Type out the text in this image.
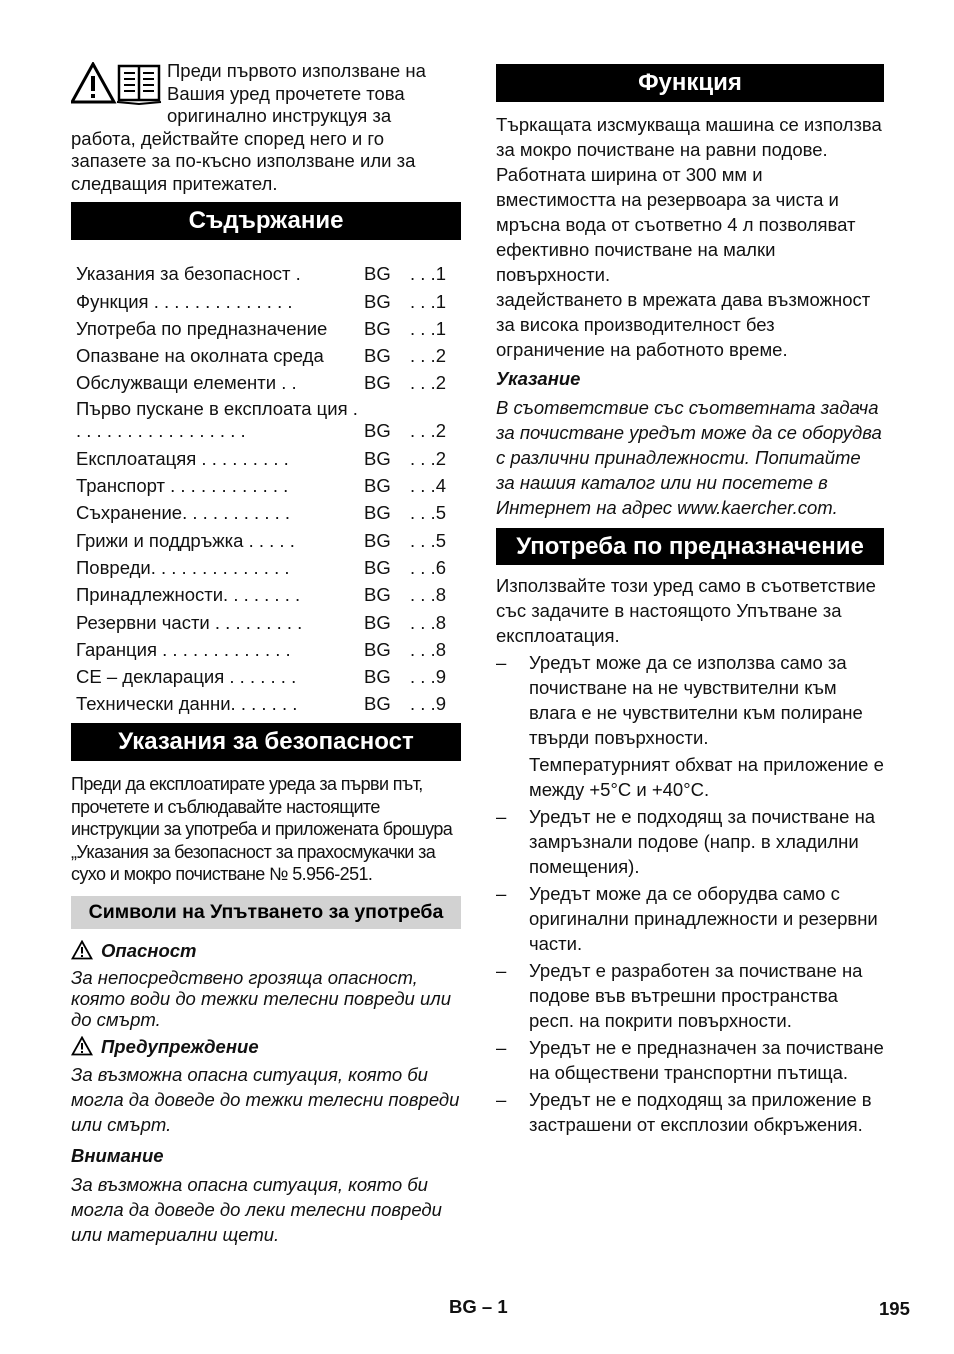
Преди първото използване на Вашия уред прочетете това оригинално инструкцуя за работа, действайте според него и го запазете за по-късно използване или за следващия притежател.

Съдържание
Указания за безопасност .	BG	. . .1
Функция . . . . . . . . . . . . . .	BG	. . .1
Употреба по предназначение	BG	. . .1
Опазване на околната среда	BG	. . .2
Обслужващи елементи . .	BG	. . .2
Първо пускане в експлоата ция . . . . . . . . . . . . . . . . . .	BG	. . .2
Експлоатацяя . . . . . . . . .	BG	. . .2
Транспорт . . . . . . . . . . . .	BG	. . .4
Съхранение. . . . . . . . . . .	BG	. . .5
Грижи и поддръжка . . . . .	BG	. . .5
Повреди. . . . . . . . . . . . . .	BG	. . .6
Принадлежности. . . . . . . .	BG	. . .8
Резервни части . . . . . . . . .	BG	. . .8
Гаранция . . . . . . . . . . . . .	BG	. . .8
CE – декларация . . . . . . .	BG	. . .9
Технически данни. . . . . . .	BG	. . .9
Указания за безопасност

Преди да експлоатирате уреда за първи път, прочетете и съблюдавайте настоящите инструкции за употреба и приложената брошура „Указания за безопасност за прахосмукачки за сухо и мокро почистване № 5.956-251.

Символи на Упътването за употреба
Опасност

За непосредствено грозяща опасност, която води до тежки телесни повреди или до смърт.

Предупреждение

За възможна опасна ситуация, която би могла да доведе до тежки телесни повреди или смърт.

Внимание

За възможна опасна ситуация, която би могла да доведе до леки телесни повреди или материални щети.

Функция

Търкащата изсмукваща машина се използва за мокро почистване на равни подове.

Работната ширина от 300 мм и вместимостта на резервоара за чиста и мръсна вода от съответно 4 л позволяват ефективно почистване на малки повърхности.

задействането в мрежата дава възможност за висока производителност без ограничение на работното време.

Указание

В съответствие със съответната задача за почистване уредът може да се оборудва с различни принадлежности. Попитайте за нашия каталог или ни посетете в Интернет на адрес www.kaercher.com.

Употреба по предназначение

Използвайте този уред само в съответствие със задачите в настоящото Упътване за експлоатация.

– Уредът може да се използва само за почистване на не чувствителни към влага е не чувствителни към полиране твърди повърхности.

Температурният обхват на приложение е между +5°C и +40°C.

– Уредът не е подходящ за почистване на замръзнали подове (напр. в хладилни помещения).
– Уредът може да се оборудва само с оригинални принадлежности и резервни части.
– Уредът е разработен за почистване на подове във вътрешни пространства респ. на покрити повърхности.
– Уредът не е предназначен за почистване на обществени транспортни пътища.
– Уредът не е подходящ за приложение в застрашени от експлозии обкръжения.
BG – 1	195
